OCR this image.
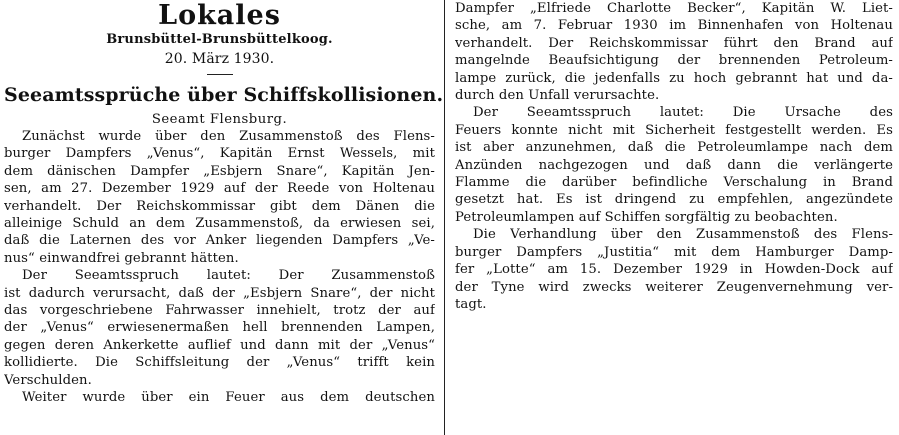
Lokales
Brunsbüttel-Brunsbüttelkoog.
20. März 1930.
Seeamtssprüche über Schiffskollisionen.
Seeamt Flensburg.
Zunächst wurde über den Zusammenstoß des Flens-
burger Dampfers „Venus“, Kapitän Ernst Wessels, mit
dem dänischen Dampfer „Esbjern Snare“, Kapitän Jen-
sen, am 27. Dezember 1929 auf der Reede von Holtenau
verhandelt. Der Reichskommissar gibt dem Dänen die
alleinige Schuld an dem Zusammenstoß, da erwiesen sei,
daß die Laternen des vor Anker liegenden Dampfers „Ve-
nus“ einwandfrei gebrannt hätten.
Der Seeamtsspruch lautet: Der Zusammenstoß
ist dadurch verursacht, daß der „Esbjern Snare“, der nicht
das vorgeschriebene Fahrwasser innehielt, trotz der auf
der „Venus“ erwiesenermaßen hell brennenden Lampen,
gegen deren Ankerkette auflief und dann mit der „Venus“
kollidierte. Die Schiffsleitung der „Venus“ trifft kein
Verschulden.
Weiter wurde über ein Feuer aus dem deutschen
Dampfer „Elfriede Charlotte Becker“, Kapitän W. Liet-
sche, am 7. Februar 1930 im Binnenhafen von Holtenau
verhandelt. Der Reichskommissar führt den Brand auf
mangelnde Beaufsichtigung der brennenden Petroleum-
lampe zurück, die jedenfalls zu hoch gebrannt hat und da-
durch den Unfall verursachte.
Der Seeamtsspruch lautet: Die Ursache des
Feuers konnte nicht mit Sicherheit festgestellt werden. Es
ist aber anzunehmen, daß die Petroleumlampe nach dem
Anzünden nachgezogen und daß dann die verlängerte
Flamme die darüber befindliche Verschalung in Brand
gesetzt hat. Es ist dringend zu empfehlen, angezündete
Petroleumlampen auf Schiffen sorgfältig zu beobachten.
Die Verhandlung über den Zusammenstoß des Flens-
burger Dampfers „Justitia“ mit dem Hamburger Damp-
fer „Lotte“ am 15. Dezember 1929 in Howden-Dock auf
der Tyne wird zwecks weiterer Zeugenvernehmung ver-
tagt.
